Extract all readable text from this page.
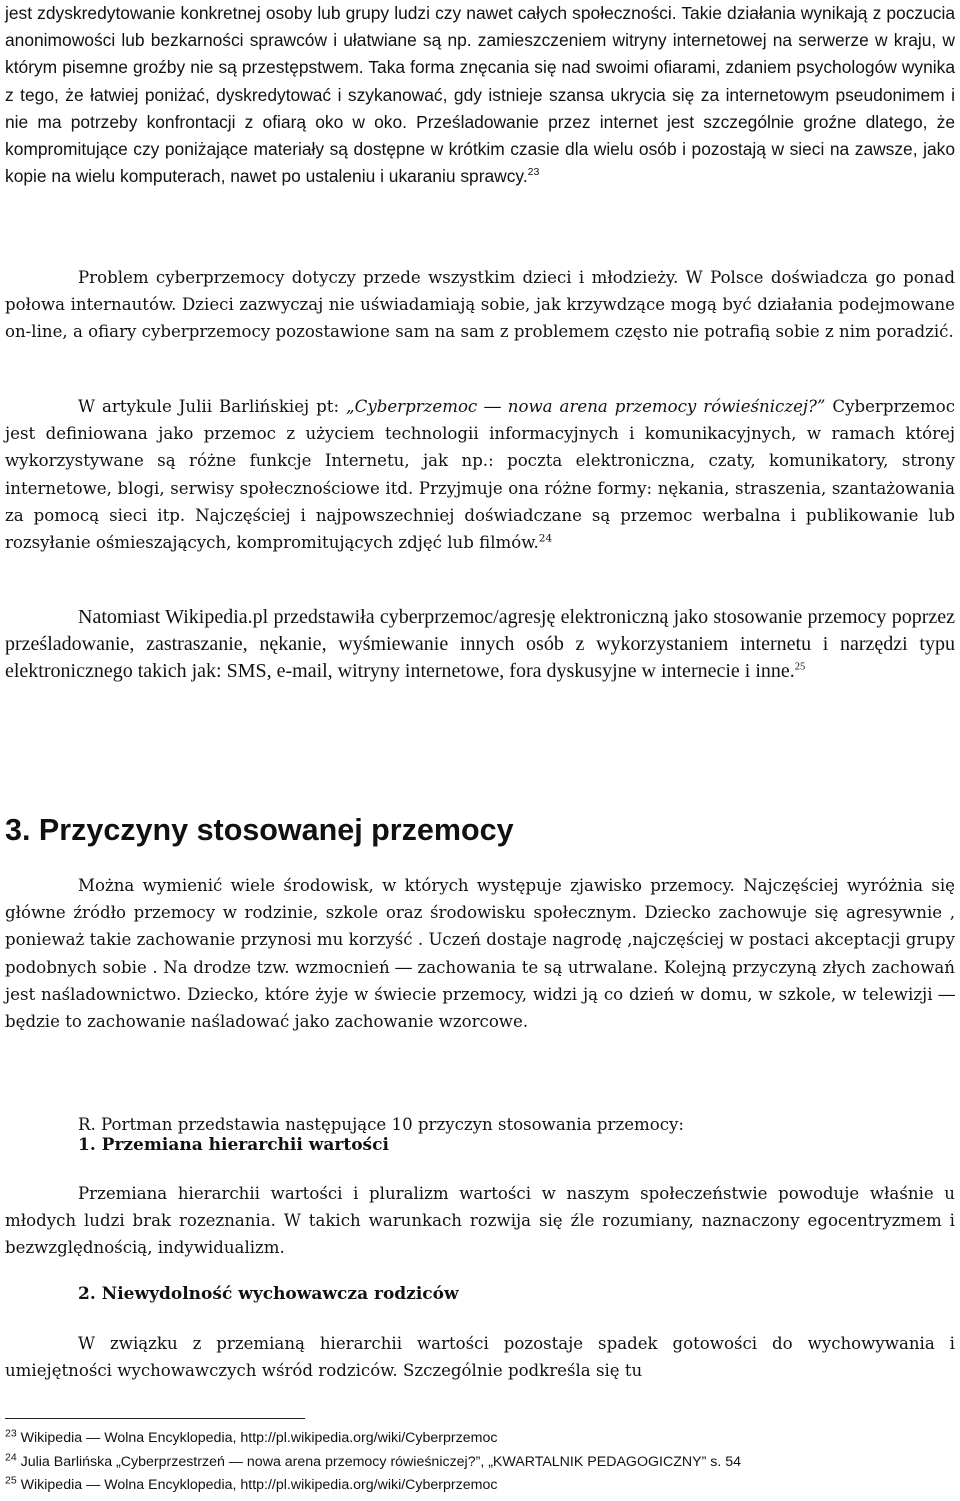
jest zdyskredytowanie konkretnej osoby lub grupy ludzi czy nawet całych społeczności. Takie działania wynikają z poczucia anonimowości lub bezkarności sprawców i ułatwiane są np. zamieszczeniem witryny internetowej na serwerze w kraju, w którym pisemne groźby nie są przestępstwem. Taka forma znęcania się nad swoimi ofiarami, zdaniem psychologów wynika z tego, że łatwiej poniżać, dyskredytować i szykanować, gdy istnieje szansa ukrycia się za internetowym pseudonimem i nie ma potrzeby konfrontacji z ofiarą oko w oko. Prześladowanie przez internet jest szczególnie groźne dlatego, że kompromitujące czy poniżające materiały są dostępne w krótkim czasie dla wielu osób i pozostają w sieci na zawsze, jako kopie na wielu komputerach, nawet po ustaleniu i ukaraniu sprawcy.$^{23}$

Problem cyberprzemocy dotyczy przede wszystkim dzieci i młodzieży. W Polsce doświadcza go ponad połowa internautów. Dzieci zazwyczaj nie uświadamiają sobie, jak krzywdzące mogą być działania podejmowane on-line, a ofiary cyberprzemocy pozostawione sam na sam z problemem często nie potrafią sobie z nim poradzić.

W artykule Julii Barlińskiej pt: „Cyberprzemoc ― nowa arena przemocy rówieśniczej?” Cyberprzemoc jest definiowana jako przemoc z użyciem technologii informacyjnych i komunikacyjnych, w ramach której wykorzystywane są różne funkcje Internetu, jak np.: poczta elektroniczna, czaty, komunikatory, strony internetowe, blogi, serwisy społecznościowe itd. Przyjmuje ona różne formy: nękania, straszenia, szantażowania za pomocą sieci itp. Najczęściej i najpowszechniej doświadczane są przemoc werbalna i publikowanie lub rozsyłanie ośmieszających, kompromitujących zdjęć lub filmów.$^{24}$

Natomiast Wikipedia.pl przedstawiła cyberprzemoc/agresję elektroniczną jako stosowanie przemocy poprzez prześladowanie, zastraszanie, nękanie, wyśmiewanie innych osób z wykorzystaniem internetu i narzędzi typu elektronicznego takich jak: SMS, e-mail, witryny internetowe, fora dyskusyjne w internecie i inne.$^{25}$

3. Przyczyny stosowanej przemocy

Można wymienić wiele środowisk, w których występuje zjawisko przemocy. Najczęściej wyróżnia się główne źródło przemocy w rodzinie, szkole oraz środowisku społecznym. Dziecko zachowuje się agresywnie , ponieważ takie zachowanie przynosi mu korzyść . Uczeń dostaje nagrodę ,najczęściej w postaci akceptacji grupy podobnych sobie . Na drodze tzw. wzmocnień ― zachowania te są utrwalane. Kolejną przyczyną złych zachowań jest naśladownictwo. Dziecko, które żyje w świecie przemocy, widzi ją co dzień w domu, w szkole, w telewizji ― będzie to zachowanie naśladować jako zachowanie wzorcowe.

R. Portman przedstawia następujące 10 przyczyn stosowania przemocy:

1. Przemiana hierarchii wartości

Przemiana hierarchii wartości i pluralizm wartości w naszym społeczeństwie powoduje właśnie u młodych ludzi brak rozeznania. W takich warunkach rozwija się źle rozumiany, naznaczony egocentryzmem i bezwzględnością, indywidualizm.

2. Niewydolność wychowawcza rodziców

W związku z przemianą hierarchii wartości pozostaje spadek gotowości do wychowywania i umiejętności wychowawczych wśród rodziców. Szczególnie podkreśla się tu

$^{23}$ Wikipedia ― Wolna Encyklopedia, http://pl.wikipedia.org/wiki/Cyberprzemoc

$^{24}$ Julia Barlińska „Cyberprzestrzeń ― nowa arena przemocy rówieśniczej?”, „KWARTALNIK PEDAGOGICZNY” s. 54

$^{25}$ Wikipedia ― Wolna Encyklopedia, http://pl.wikipedia.org/wiki/Cyberprzemoc
